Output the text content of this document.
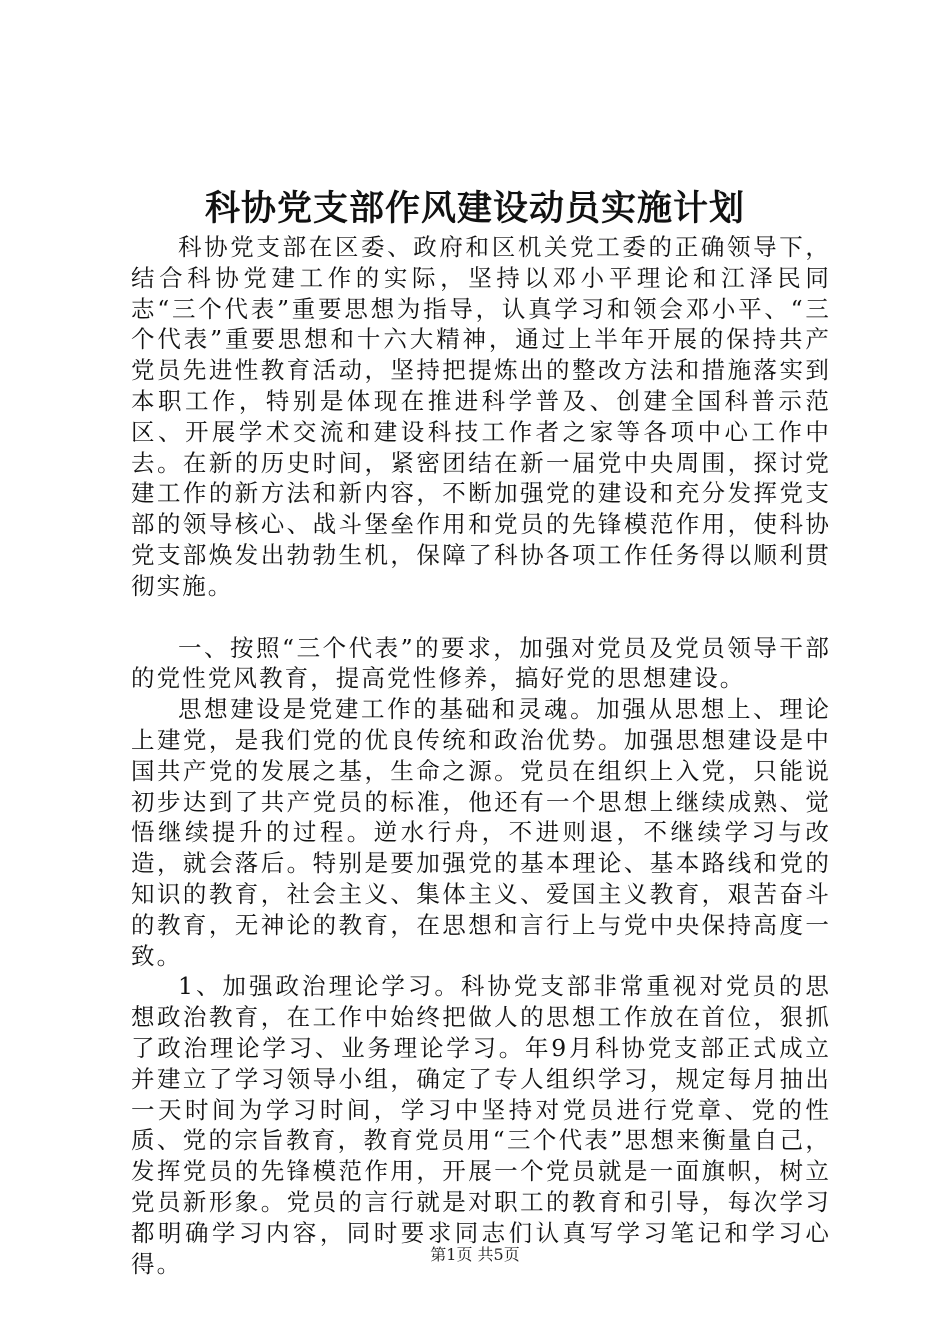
科协党支部作风建设动员实施计划

科协党支部在区委、政府和区机关党工委的正确领导下，结合科协党建工作的实际，坚持以邓小平理论和江泽民同志“三个代表”重要思想为指导，认真学习和领会邓小平、“三个代表”重要思想和十六大精神，通过上半年开展的保持共产党员先进性教育活动，坚持把提炼出的整改方法和措施落实到本职工作，特别是体现在推进科学普及、创建全国科普示范区、开展学术交流和建设科技工作者之家等各项中心工作中去。在新的历史时间，紧密团结在新一届党中央周围，探讨党建工作的新方法和新内容，不断加强党的建设和充分发挥党支部的领导核心、战斗堡垒作用和党员的先锋模范作用，使科协党支部焕发出勃勃生机，保障了科协各项工作任务得以顺利贯彻实施。

一、按照“三个代表”的要求，加强对党员及党员领导干部的党性党风教育，提高党性修养，搞好党的思想建设。

思想建设是党建工作的基础和灵魂。加强从思想上、理论上建党，是我们党的优良传统和政治优势。加强思想建设是中国共产党的发展之基，生命之源。党员在组织上入党，只能说初步达到了共产党员的标准，他还有一个思想上继续成熟、觉悟继续提升的过程。逆水行舟，不进则退，不继续学习与改造，就会落后。特别是要加强党的基本理论、基本路线和党的知识的教育，社会主义、集体主义、爱国主义教育，艰苦奋斗的教育，无神论的教育，在思想和言行上与党中央保持高度一致。

1、加强政治理论学习。科协党支部非常重视对党员的思想政治教育，在工作中始终把做人的思想工作放在首位，狠抓了政治理论学习、业务理论学习。年9月科协党支部正式成立并建立了学习领导小组，确定了专人组织学习，规定每月抽出一天时间为学习时间，学习中坚持对党员进行党章、党的性质、党的宗旨教育，教育党员用“三个代表”思想来衡量自己，发挥党员的先锋模范作用，开展一个党员就是一面旗帜，树立党员新形象。党员的言行就是对职工的教育和引导，每次学习都明确学习内容，同时要求同志们认真写学习笔记和学习心得。	第1页 共5页
